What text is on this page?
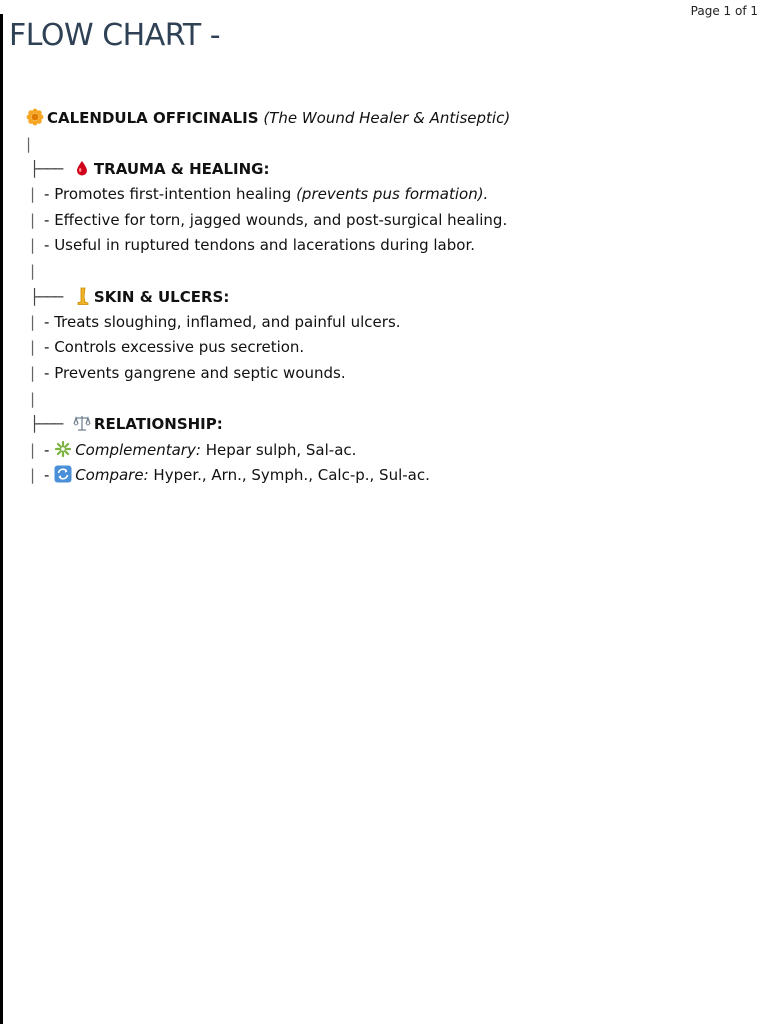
Page 1 of 1
FLOW CHART -
CALENDULA OFFICINALIS (The Wound Healer & Antiseptic)
|
├─── TRAUMA & HEALING:
| - Promotes first-intention healing (prevents pus formation).
| - Effective for torn, jagged wounds, and post-surgical healing.
| - Useful in ruptured tendons and lacerations during labor.
|
├─── SKIN & ULCERS:
| - Treats sloughing, inflamed, and painful ulcers.
| - Controls excessive pus secretion.
| - Prevents gangrene and septic wounds.
|
├─── RELATIONSHIP:
| - Complementary: Hepar sulph, Sal-ac.
| - Compare: Hyper., Arn., Symph., Calc-p., Sul-ac.
